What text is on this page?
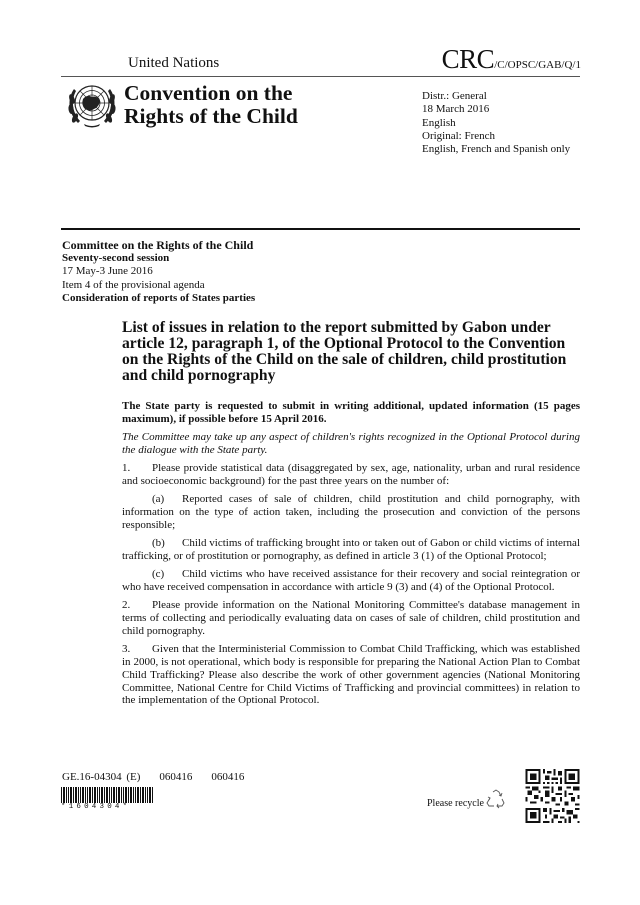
United Nations	CRC/C/OPSC/GAB/Q/1
Convention on the
Rights of the Child
Distr.: General
18 March 2016
English
Original: French
English, French and Spanish only
Committee on the Rights of the Child
Seventy-second session
17 May-3 June 2016
Item 4 of the provisional agenda
Consideration of reports of States parties
List of issues in relation to the report submitted by Gabon under article 12, paragraph 1, of the Optional Protocol to the Convention on the Rights of the Child on the sale of children, child prostitution and child pornography

The State party is requested to submit in writing additional, updated information (15 pages maximum), if possible before 15 April 2016.

The Committee may take up any aspect of children's rights recognized in the Optional Protocol during the dialogue with the State party.

1. Please provide statistical data (disaggregated by sex, age, nationality, urban and rural residence and socioeconomic background) for the past three years on the number of:

(a) Reported cases of sale of children, child prostitution and child pornography, with information on the type of action taken, including the prosecution and conviction of the persons responsible;

(b) Child victims of trafficking brought into or taken out of Gabon or child victims of internal trafficking, or of prostitution or pornography, as defined in article 3 (1) of the Optional Protocol;

(c) Child victims who have received assistance for their recovery and social reintegration or who have received compensation in accordance with article 9 (3) and (4) of the Optional Protocol.

2. Please provide information on the National Monitoring Committee's database management in terms of collecting and periodically evaluating data on cases of sale of children, child prostitution and child pornography.

3. Given that the Interministerial Commission to Combat Child Trafficking, which was established in 2000, is not operational, which body is responsible for preparing the National Action Plan to Combat Child Trafficking? Please also describe the work of other government agencies (National Monitoring Committee, National Centre for Child Victims of Trafficking and provincial committees) in relation to the implementation of the Optional Protocol.

GE.16-04304 (E) 060416 060416
*1604304*	Please recycle
